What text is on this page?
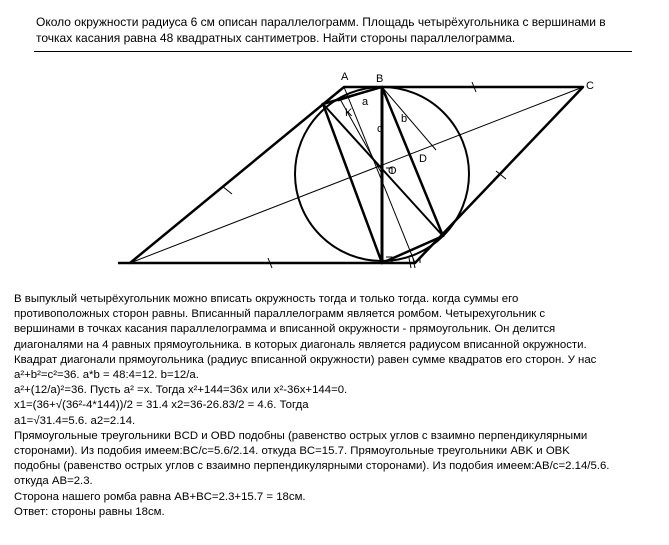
Около окружности радиуса 6 см описан параллелограмм. Площадь четырёхугольника с вершинами в
точках касания равна 48 квадратных сантиметров. Найти стороны параллелограмма.
A	B
C
K
a
b
c
O
D
В выпуклый четырёхугольник можно вписать окружность тогда и только тогда. когда суммы его
противоположных сторон равны. Вписанный параллелограмм является ромбом. Четырехугольник с
вершинами в точках касания параллелограмма и вписанной окружности - прямоугольник. Он делится
диагоналями на 4 равных прямоугольника. в которых диагональ является радиусом вписанной окружности.
Квадрат диагонали прямоугольника (радиус вписанной окружности) равен сумме квадратов его сторон. У нас
a²+b²=c²=36. a*b = 48:4=12. b=12/a.
a²+(12/a)²=36. Пусть a² =x. Тогда x²+144=36x или x²-36x+144=0.
x1=(36+√(36²-4*144))/2 = 31.4 x2=36-26.83/2 = 4.6. Тогда
a1=√31.4=5.6. a2=2.14.
Прямоугольные треугольники BCD и OBD подобны (равенство острых углов с взаимно перпендикулярными
сторонами). Из подобия имеем:BC/c=5.6/2.14. откуда BC=15.7. Прямоугольные треугольники ABK и OBK
подобны (равенство острых углов с взаимно перпендикулярными сторонами). Из подобия имеем:AB/c=2.14/5.6.
откуда AB=2.3.
Сторона нашего ромба равна AB+BC=2.3+15.7 = 18см.
Ответ: стороны равны 18см.
